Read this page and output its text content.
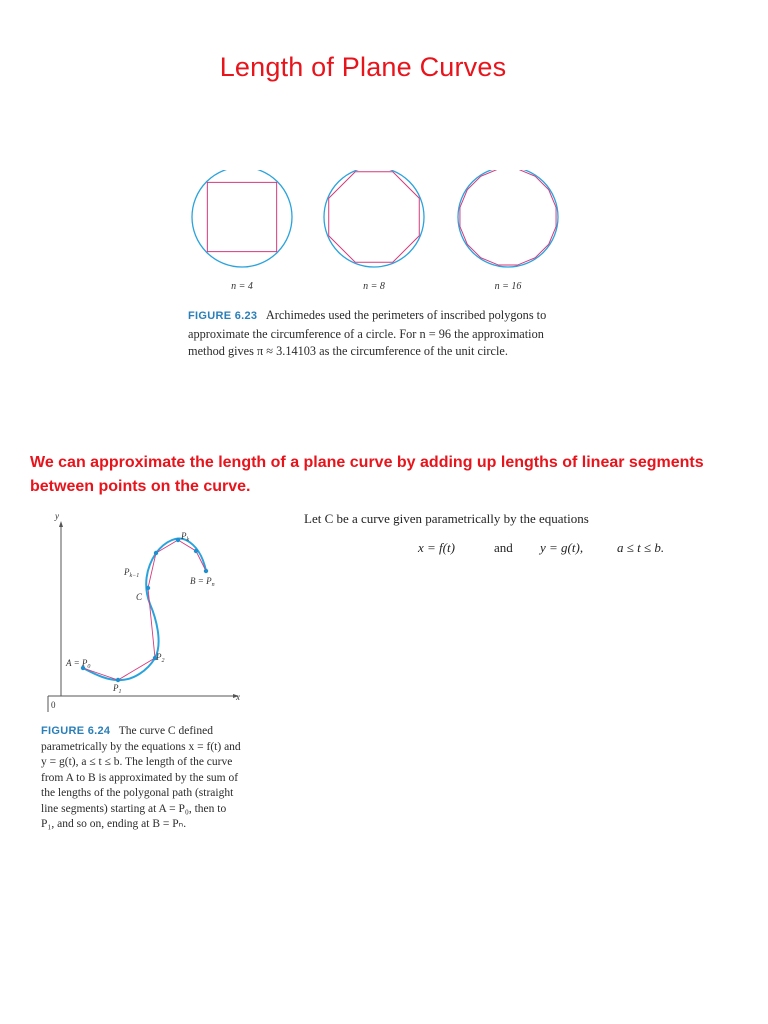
Length of Plane Curves
n = 4	n = 8	n = 16
FIGURE 6.23 Archimedes used the perimeters of inscribed polygons to approximate the circumference of a circle. For n = 96 the approximation method gives π ≈ 3.14103 as the circumference of the unit circle.

We can approximate the length of a plane curve by adding up lengths of linear segments between points on the curve.

y
x
0
$A = P_0$
$P_1$
$P_2$
$P_k$
$P_{k-1}$	$B = P_n$
C
FIGURE 6.24 The curve C defined parametrically by the equations x = f(t) and y = g(t), a ≤ t ≤ b. The length of the curve from A to B is approximated by the sum of the lengths of the polygonal path (straight line segments) starting at A = P₀, then to P₁, and so on, ending at B = Pₙ.
Let C be a curve given parametrically by the equations
x = f(t)	and y = g(t),	a ≤ t ≤ b.
